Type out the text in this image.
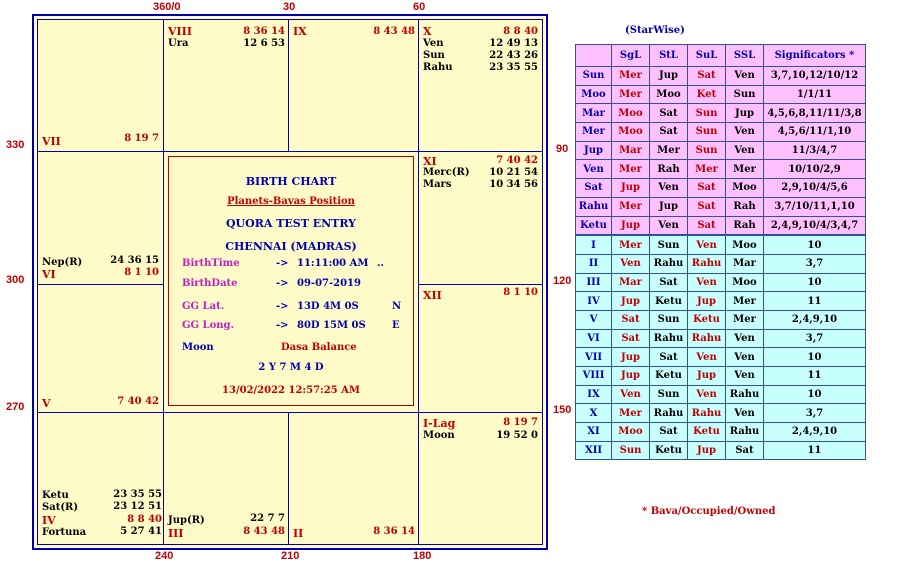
360/0	30	60
330
300
270
90
120
150
240	210	180
VIII	8 36 14
Ura	12 6 53
IX	8 43 48 X	8 8 40
Ven	12 49 13
Sun	22 43 26
Rahu	23 35 55
VII	8 19 7
XI	7 40 42
Merc(R)	10 21 54
Mars	10 34 56
Nep(R)	24 36 15
VI	8 1 10
XII	8 1 10
V	7 40 42
I-Lag	8 19 7
Moon	19 52 0
Ketu	23 35 55
Sat(R)	23 12 51
IV	8 8 40
Fortuna	5 27 41
Jup(R)	22 7 7
III	8 43 48 II	8 36 14
BIRTH CHART
Planets-Bavas Position
QUORA TEST ENTRY
CHENNAI (MADRAS)
BirthTime	-> 11:11:00 AM ..
BirthDate	-> 09-07-2019
GG Lat.	-> 13D 4M 0S	N
GG Long.	-> 80D 15M 0S	E
Moon	Dasa Balance
2 Y 7 M 4 D
13/02/2022 12:57:25 AM
(StarWise)
	SgL	StL	SuL	SSL	Significators *
Sun	Mer	Jup	Sat	Ven	3,7,10,12/10/12
Moo	Mer	Moo	Ket	Sun	1/1/11
Mar	Moo	Sat	Sun	Jup	4,5,6,8,11/11/3,8
Mer	Moo	Sat	Sun	Ven	4,5,6/11/1,10
Jup	Mar	Mer	Sun	Ven	11/3/4,7
Ven	Mer	Rah	Mer	Mer	10/10/2,9
Sat	Jup	Ven	Sat	Moo	2,9,10/4/5,6
Rahu	Mer	Jup	Sat	Rah	3,7/10/11,1,10
Ketu	Jup	Ven	Sat	Rah	2,4,9,10/4/3,4,7
I	Mer	Sun	Ven	Moo	10
II	Ven	Rahu	Rahu	Mar	3,7
III	Mar	Sat	Ven	Moo	10
IV	Jup	Ketu	Jup	Mer	11
V	Sat	Sun	Ketu	Mer	2,4,9,10
VI	Sat	Rahu	Rahu	Ven	3,7
VII	Jup	Sat	Ven	Ven	10
VIII	Jup	Ketu	Jup	Ven	11
IX	Ven	Sun	Ven	Rahu	10
X	Mer	Rahu	Rahu	Ven	3,7
XI	Moo	Sat	Ketu	Rahu	2,4,9,10
XII	Sun	Ketu	Jup	Sat	11
* Bava/Occupied/Owned
